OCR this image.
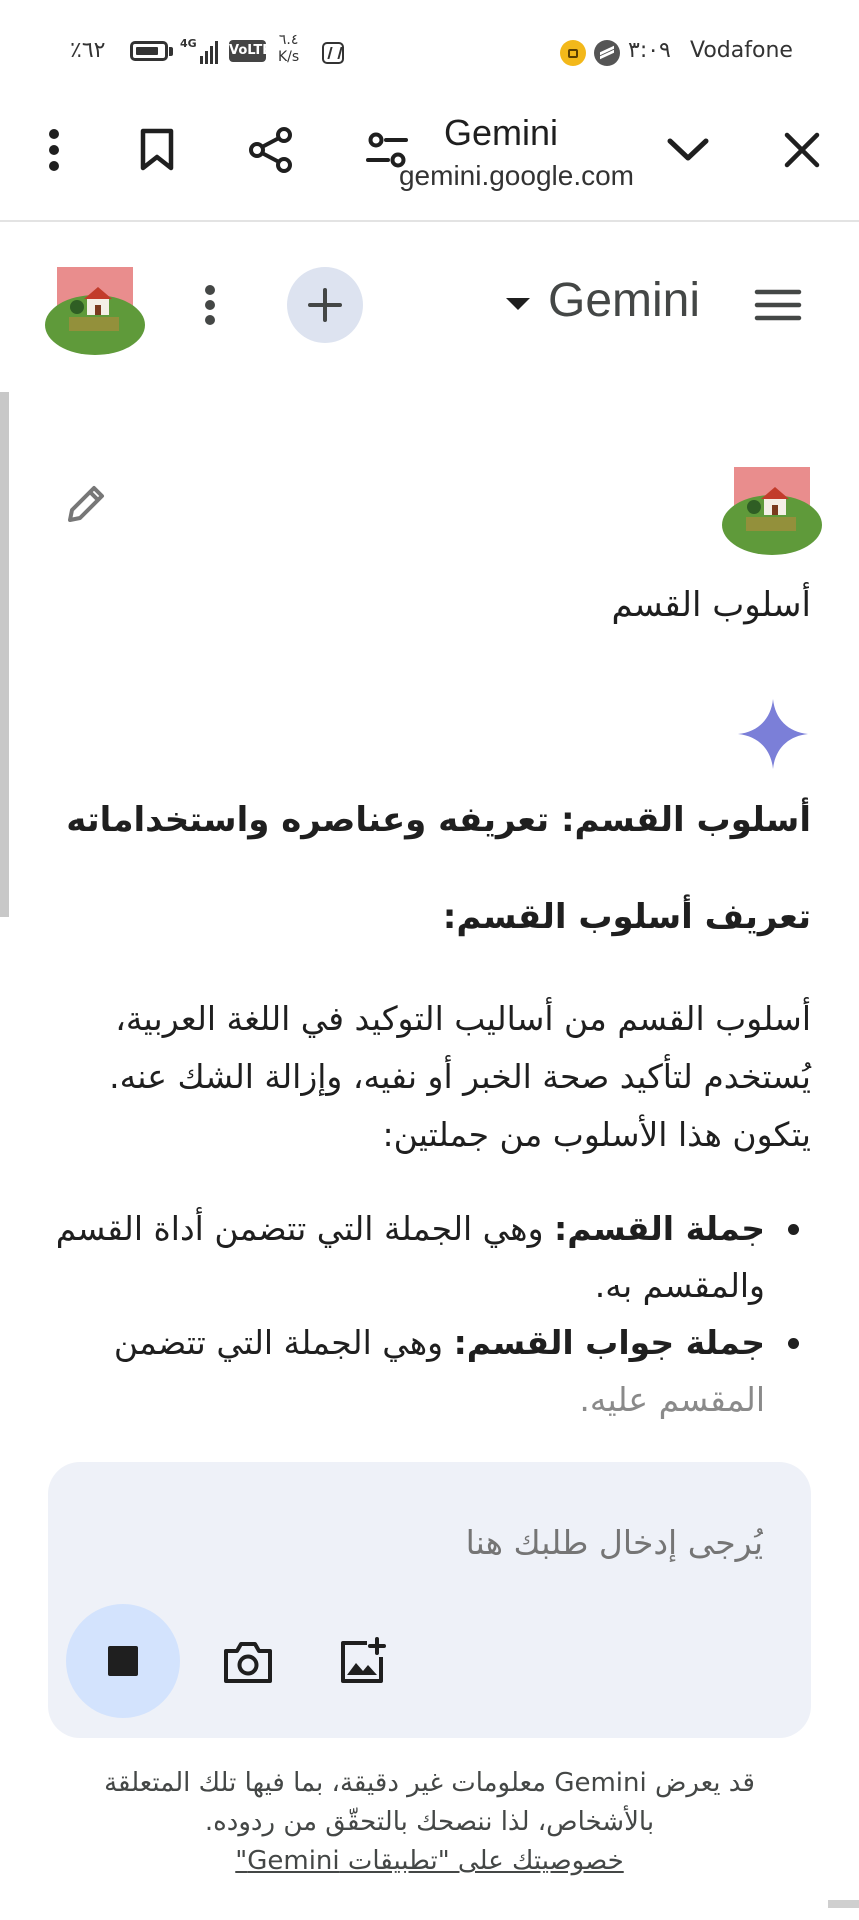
٪٦٢	4G VoLTE
٦.٤
K/s	٣:٠٩ Vodafone
Gemini
gemini.google.com
Gemini
أسلوب القسم
أسلوب القسم: تعريفه وعناصره واستخداماته
تعريف أسلوب القسم:
أسلوب القسم من أساليب التوكيد في اللغة العربية، يُستخدم لتأكيد صحة الخبر أو نفيه، وإزالة الشك عنه. يتكون هذا الأسلوب من جملتين:
جملة القسم: وهي الجملة التي تتضمن أداة القسم والمقسم به.
جملة جواب القسم: وهي الجملة التي تتضمن المقسم عليه.
يُرجى إدخال طلبك هنا
قد يعرض Gemini معلومات غير دقيقة، بما فيها تلك المتعلقة بالأشخاص، لذا ننصحك بالتحقّق من ردوده.
خصوصيتك على "تطبيقات Gemini"
